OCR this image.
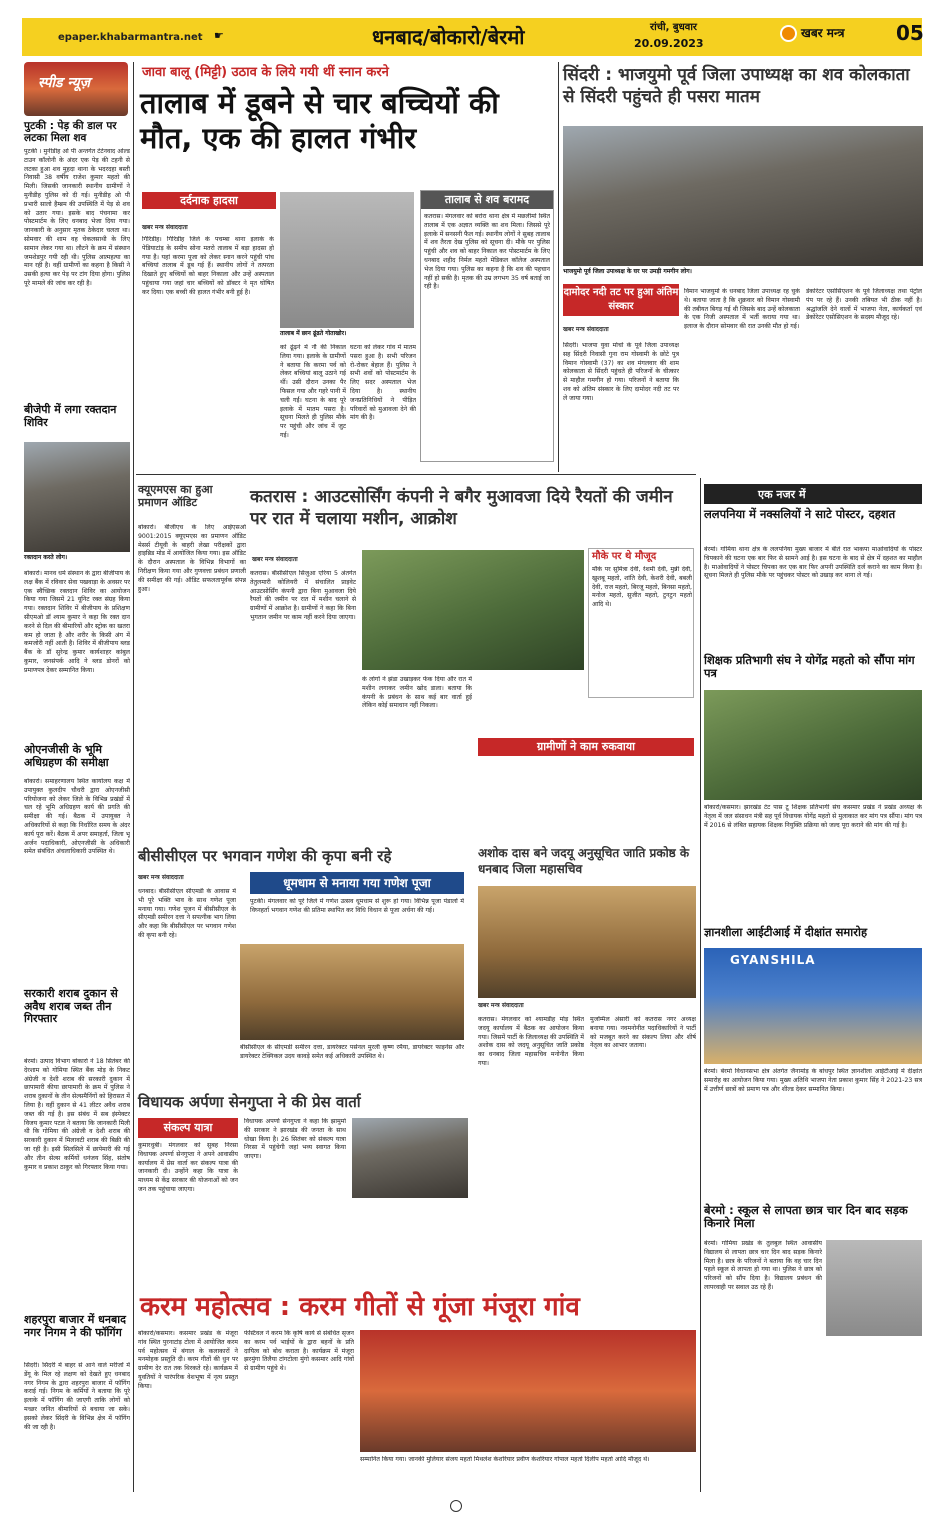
epaper.khabarmantra.net ☛	धनबाद/बोकारो/बेरमो	रांची, बुधवार
20.09.2023
खबर मन्त्र	05
स्पीड न्यूज़
पुटकी : पेड़ की डाल पर लटका मिला शव
पुटकी । मुनीडीह ओ पी अन्तर्गत टेटेनवाद ओल्ड टाउन कॉलोनी के अंदर एक पेड़ की टहनी से लटका हुआ शव मुहदा थाना के भदरदहा बस्ती निवासी 38 वर्षीय राजेश कुमार महतो की मिली। जिसकी जानकारी स्थानीय ग्रामीणों ने मुनीडीह पुलिस को दी गई। मुनीडीह ओ पी प्रभारी सालो हैम्ब्रम की उपस्थिति में पेड़ से शव को उतार गया। इसके बाद पंचनामा कर पोस्टमार्टम के लिए धनबाद भेजा दिया गया। जानकारी के अनुसार मृतक ठेकेदार चलता था। सोमवार की शाम वह चेकलसाथी के लिए सामान लेकर गया था। लौटने के क्रम में संस्थान जमशेडपुर गयी रही थी। पुलिस आत्महत्या का मान रही है। वहीं ग्रामीणों का कहना है किसी ने उसकी हत्या कर पेड़ पर टांग दिया होगा। पुलिस पूरे मामले की जांच कर रही है।
बीजेपी में लगा रक्तदान शिविर
रक्तदान करते लोग।
बोकारो। मानव धर्म संस्थान के द्वारा बीजीपाय के लक्ष बैंक में रविवार सेवा पखवाड़ा के अवसर पर एक स्वैच्छिक रक्तदान शिविर का आयोजन किया गया जिसमें 21 यूनिट रक्त संग्रह किया गया। रक्तदान शिविर में बीजीपाय के प्रशिक्षण सीएमओ डॉ श्याम कुमार ने कहा कि रक्त दान करने से दिल की बीमारियों और स्ट्रोक का खतरा कम हो जाता है और शरीर के किसी अंग में कमजोरी नहीं आती है। शिविर में बीजीपाय ब्लड बैंक के डॉ सुरेन्द्र कुमार कार्यशाहर कांबुल कुमार, जनसंपर्क आदि ने ब्लड डोनरों को प्रमाणपत्र देकर सम्मानित किया।
ओएनजीसी के भूमि अधिग्रहण की समीक्षा
बोकारो। समाहरणालय स्थित कार्यालय कक्ष में उपायुक्त कुलदीप चौधरी द्वारा ओएनजीसी परियोजना को लेकर जिले के विभिन्न प्रखंडों में चल रहे भूमि अधिग्रहण कार्य की प्रगति की समीक्षा की गई। बैठक में उपायुक्त ने अधिकारियों से कहा कि निर्धारित समय के अंदर कार्य पूरा करें। बैठक में अपर समाहर्ता, जिला भू अर्जन पदाधिकारी, ओएनजीसी के अधिकारी समेत संबंधित अंचलाधिकारी उपस्थित थे।
सरकारी शराब दुकान से अवैध शराब जब्त तीन गिरफ्तार
बेरमो। उत्पाद विभाग बोकारो ने 18 सितंबर की देरशाम को गोमिया स्थित बैंक मोड़ के निकट अंग्रेजी व देशी शराब की सरकारी दुकान में छापामारी कीया छापामारी के क्रम में पुलिस ने शराब दुकानों के तीन सेल्समैनिंगों को हिरासत में लिया है। वहीं दुकान से 41 लीटर अवैध शराब जब्त की गई है। इस संबंध में सब इंस्पेक्टर विजय कुमार पटल ने बताया कि जानकारी मिली थी कि गोमिया की अंग्रेजी व देशी शराब की सरकारी दुकान में मिलावटी शराब की बिक्री की जा रही है। इसी सिलसिले में छापेमारी की गई और तीन सेल्स कर्मियों धनंजय सिंह, संतोष कुमार व प्रकाश ठाकुर को गिरफ्तार किया गया।
शहरपुरा बाजार में धनबाद नगर निगम ने की फॉगिंग
सिंदरी। सिंदरी में बाहर से आने वाले मरीजों में डेंगू के मिल रहे लक्षण को देखते हुए धनबाद नगर निगम के द्वारा शहरपुरा बाजार में फॉगिंग कराई गई। निगम के कर्मियों ने बताया कि पूरे इलाके में फॉगिंग की जाएगी ताकि लोगों को मच्छर जनित बीमारियों से बचाया जा सके। इसको लेकर सिंदरी के विभिन्न क्षेत्र में फॉगिंग की जा रही है।
जावा बालू (मिट्टी) उठाव के लिये गयी थीं स्नान करने
तालाब में डूबने से चार बच्चियों की मौत, एक की हालत गंभीर
दर्दनाक हादसा
खबर मन्त्र संवाददाता
गिरिडीह। गिरिडीह जिले के पचम्बा थाना इलाके के पेडियाटांड़ के समीप सोना मतरो तालाब में बड़ा हादसा हो गया है। यहां करमा पूजा को लेकर स्नान करने पहुंची पांच बच्चियां तालाब में डूब गई हैं। स्थानीय लोगों ने तत्परता दिखाते हुए बच्चियों को बाहर निकाला और उन्हें अस्पताल पहुंचाया गया जहां चार बच्चियों को डॉक्टर ने मृत घोषित कर दिया। एक बच्ची की हालत गंभीर बनी हुई है।
तालाब में छान ढूंढते गोताखोर।
को ढूंढ़ने में नौ की निकाल लिया गया। इलाके के ग्रामीणों ने बताया कि करमा पर्व को लेकर बच्चियां बालू उठाने गई थीं। उसी दौरान उनका पैर फिसल गया और गहरे पानी में चली गईं। घटना के बाद पूरे इलाके में मातम पसरा है। सूचना मिलते ही पुलिस मौके पर पहुंची और जांच में जुट गई।
घटना को लेकर गांव में मातम पसरा हुआ है। सभी परिजन रो-रोकर बेहाल हैं। पुलिस ने सभी शवों को पोस्टमार्टम के लिए सदर अस्पताल भेज दिया है। स्थानीय जनप्रतिनिधियों ने पीड़ित परिवारों को मुआवजा देने की मांग की है।
तालाब से शव बरामद
कतरास। मंगलवार को बरोरा थाना क्षेत्र में मछलीमो स्थित तालाब में एक अज्ञात व्यक्ति का शव मिला। जिससे पूरे इलाके में सनसनी फैल गई। स्थानीय लोगों ने सुबह तालाब में शव तैरता देख पुलिस को सूचना दी। मौके पर पुलिस पहुंची और शव को बाहर निकाल कर पोस्टमार्टम के लिए धनबाद शहीद निर्मल महतो मेडिकल कॉलेज अस्पताल भेज दिया गया। पुलिस का कहना है कि शव की पहचान नहीं हो सकी है। मृतक की उम्र लगभग 35 वर्ष बताई जा रही है।
सिंदरी : भाजयुमो पूर्व जिला उपाध्यक्ष का शव कोलकाता से सिंदरी पहुंचते ही पसरा मातम
भाजयुमो पूर्व जिला उपाध्यक्ष के घर पर उमड़ी गमगीन लोग।
दामोदर नदी तट पर हुआ अंतिम संस्कार
खबर मन्त्र संवाददाता
सिंदरी। भाजपा युवा मोर्चा के पूर्व जिला उपाध्यक्ष सह सिंदरी निवासी गुना राम गोस्वामी के छोटे पुत्र विमान गोस्वामी (37) का शव मंगलवार की शाम कोलकाता से सिंदरी पहुंचते ही परिजनों के चीत्कार से माहौल गमगीन हो गया। परिजनों ने बताया कि शव को अंतिम संस्कार के लिए दामोदर नदी तट पर ले जाया गया।
विमान भाजयुमो के धनबाद जिला उपाध्यक्ष रह चुके थे। बताया जाता है कि शुक्रवार को विमान गोस्वामी की तबीयत बिगड़ गई थी जिसके बाद उन्हें कोलकाता के एक निजी अस्पताल में भर्ती कराया गया था। इलाज के दौरान सोमवार की रात उनकी मौत हो गई।
डेकोरेटर एसोसिएशन के पूर्व जिलाध्यक्ष तथा पेट्रोल पंप पर रहे हैं। उनकी तबियत भी ठीक नहीं है। श्रद्धांजलि देने वालों में भाजपा नेता, कार्यकर्ता एवं डेकोरेटर एसोसिएशन के सदस्य मौजूद रहे।
क्यूएमएस का हुआ प्रमाणन ऑडिट
बोकारो। बीजीएच के लिए आईएसओ 9001:2015 क्यूएमएस का प्रमाणन ऑडिट मेसर्स टीयूवी के बाहरी लेखा परीक्षकों द्वारा हाइब्रिड मोड में आयोजित किया गया। इस ऑडिट के दौरान अस्पताल के विभिन्न विभागों का निरीक्षण किया गया और गुणवत्ता प्रबंधन प्रणाली की समीक्षा की गई। ऑडिट सफलतापूर्वक संपन्न हुआ।
कतरास : आउटसोर्सिंग कंपनी ने बगैर मुआवजा दिये रैयतों की जमीन पर रात में चलाया मशीन, आक्रोश
खबर मन्त्र संवाददाता
कतरास। बीसीसीएल सिजुआ एरिया 5 अंतर्गत तेतुलमारी कोलियरी में संचालित प्राइवेट आउटसोर्सिंग कंपनी द्वारा बिना मुआवजा दिये रैयतों की जमीन पर रात में मशीन चलाने से ग्रामीणों में आक्रोश है। ग्रामीणों ने कहा कि बिना भुगतान जमीन पर काम नहीं करने दिया जाएगा।
के लोगों ने झंडा उखाड़कर फेंक दिया और रात में मशीन लगाकर जमीन खोद डाला। बताया कि कंपनी के प्रबंधन के साथ कई बार वार्ता हुई लेकिन कोई समाधान नहीं निकला।
मौके पर थे मौजूद
मौके पर सुमित्रा देवी, रेशमी देवी, मुन्नी देवी, खुशबू महतो, शांति देवी, केशरी देवी, बबली देवी, राज महतो, बिरजू महतो, बिनसा महतो, मनोज महतो, सुजीत महतो, टुनटुन महतो आदि थे।
ग्रामीणों ने काम रुकवाया
बीसीसीएल पर भगवान गणेश की कृपा बनी रहे
खबर मन्त्र संवाददाता
धनबाद। बीसीसीएल सीएमडी के आवास में भी पूरे भक्ति भाव के साथ गणेश पूजा मनाया गया। गणेश पूजन में बीसीसीएल के सीएमडी समीरन दत्ता ने सपत्नीक भाग लिया और कहा कि बीसीसीएल पर भगवान गणेश की कृपा बनी रहे।
धूमधाम से मनाया गया गणेश पूजा
पुटकी। मंगलवार को पूरे जिले में गणेश उत्सव धूमधाम से शुरू हो गया। विभिन्न पूजा पंडालों में विघ्नहर्ता भगवान गणेश की प्रतिमा स्थापित कर विधि विधान से पूजा अर्चना की गई।
बीसीसीएल के सीएमडी समीरन दत्ता, डायरेक्टर पर्सनल मुरली कृष्ण रमैया, डायरेक्टर फाइनेंस और डायरेक्टर टेक्निकल उदय कावड़े समेत कई अधिकारी उपस्थित थे।
अशोक दास बने जदयू अनुसूचित जाति प्रकोष्ठ के धनबाद जिला महासचिव
खबर मन्त्र संवाददाता
कतरास। मंगलवार को श्यामडीह मोड़ स्थित जदयू कार्यालय में बैठक का आयोजन किया गया। जिसमें पार्टी के जिलाध्यक्ष की उपस्थिति में अशोक दास को जदयू अनुसूचित जाति प्रकोष्ठ का धनबाद जिला महासचिव मनोनीत किया गया।
मुजम्मिल अंसारी को कतरास नगर अध्यक्ष बनाया गया। नवमनोनीत पदाधिकारियों ने पार्टी को मजबूत करने का संकल्प लिया और शीर्ष नेतृत्व का आभार जताया।
विधायक अर्पणा सेनगुप्ता ने की प्रेस वार्ता
संकल्प यात्रा
कुमारधुबी। मंगलवार को सुबह निरसा विधायक अपर्णा सेनगुप्ता ने अपने आवासीय कार्यालय में प्रेस वार्ता कर संकल्प यात्रा की जानकारी दी। उन्होंने कहा कि यात्रा के माध्यम से केंद्र सरकार की योजनाओं को जन जन तक पहुंचाया जाएगा।
विधायक अपर्णा सेनगुप्ता ने कहा कि झामुमो की सरकार ने झारखंड की जनता के साथ धोखा किया है। 26 सितंबर को संकल्प यात्रा निरसा में पहुंचेगी जहां भव्य स्वागत किया जाएगा।
करम महोत्सव : करम गीतों से गूंजा मंजूरा गांव
बोकारो/कसमार। कसमार प्रखंड के मंजूरा गांव स्थित पुरनाटांड़ टोला में आयोजित करम पर्व महोत्सव में बंगाल के कलाकारों ने मनमोहक प्रस्तुति दी। करम गीतों की धुन पर ग्रामीण देर रात तक थिरकते रहे। कार्यक्रम में युवतियों ने पारंपरिक वेशभूषा में नृत्य प्रस्तुत किया।
फेस्टिवल ने करम कि कृषि कार्य से संबंधित सृजन का करम पर्व भाईयों के द्वारा बहनों के प्रति दायित्व को बोध कराता है। कार्यक्रम में मंजूरा झरमुंगा तिलैया टांगटोला मुंगो कसमार आदि गांवों से ग्रामीण पहुंचे थे।
सम्मानित किया गया। जानकी मुलियार संजय महतो मिथलेश केशरियार प्रवीण केशरियार गोपाल महतो दिलीप महतो आदि मौजूद थे।
एक नजर में
ललपनिया में नक्सलियों ने साटे पोस्टर, दहशत
बेरमो। गोमिया थाना क्षेत्र के ललपनिया मुख्य बाजार में बीते रात भाकपा माओवादियों के पोस्टर चिपकाने की घटना एक बार फिर से सामने आई है। इस घटना के बाद से क्षेत्र में दहशत का माहौल है। माओवादियों ने पोस्टर चिपका कर एक बार फिर अपनी उपस्थिति दर्ज कराने का काम किया है। सूचना मिलते ही पुलिस मौके पर पहुंचकर पोस्टर को उखाड़ कर थाना ले गई।
शिक्षक प्रतिभागी संघ ने योगेंद्र महतो को सौंपा मांग पत्र
बोकारो/कसमार। झारखंड टेट पास टू शिक्षक प्रतिभागी संघ कसमार प्रखंड ने प्रखंड अध्यक्ष के नेतृत्व में जल संसाधन मंत्री सह पूर्व विधायक योगेंद्र महतो से मुलाकात कर मांग पत्र सौंपा। मांग पत्र में 2016 से लंबित सहायक शिक्षक नियुक्ति प्रक्रिया को जल्द पूरा कराने की मांग की गई है।
ज्ञानशीला आईटीआई में दीक्षांत समारोह
GYANSHILA
बेरमो। बेरमो विधानसभा क्षेत्र अंतर्गत जैनामोड़ के बांधपुर स्थित ज्ञानशीला आईटीआई में दीक्षांत समारोह का आयोजन किया गया। मुख्य अतिथि भाजपा नेता प्रकाश कुमार सिंह ने 2021-23 सत्र में उत्तीर्ण छात्रों को प्रमाण पत्र और शील्ड देकर सम्मानित किया।
बेरमो : स्कूल से लापता छात्र चार दिन बाद सड़क किनारे मिला
बेरमो। गोमिया प्रखंड के तुलबुल स्थित आवासीय विद्यालय से लापता छात्र चार दिन बाद सड़क किनारे मिला है। छात्र के परिजनों ने बताया कि वह चार दिन पहले स्कूल से लापता हो गया था। पुलिस ने छात्र को परिजनों को सौंप दिया है। विद्यालय प्रबंधन की लापरवाही पर सवाल उठ रहे हैं।
